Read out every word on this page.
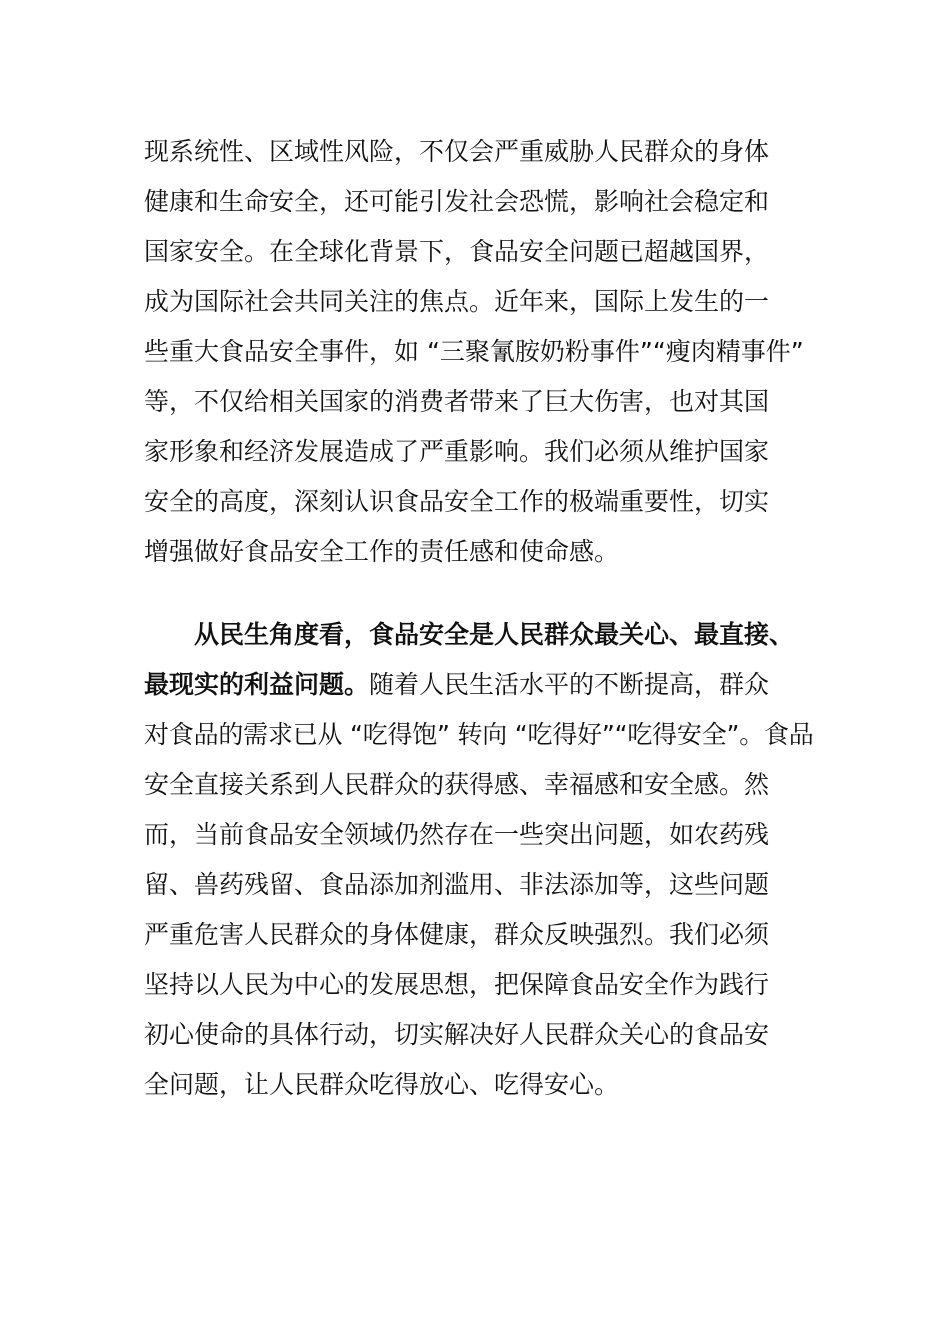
现系统性、区域性风险，不仅会严重威胁人民群众的身体
健康和生命安全，还可能引发社会恐慌，影响社会稳定和
国家安全。在全球化背景下，食品安全问题已超越国界，
成为国际社会共同关注的焦点。近年来，国际上发生的一
些重大食品安全事件，如 “三聚氰胺奶粉事件”“瘦肉精事件”
等，不仅给相关国家的消费者带来了巨大伤害，也对其国
家形象和经济发展造成了严重影响。我们必须从维护国家
安全的高度，深刻认识食品安全工作的极端重要性，切实
增强做好食品安全工作的责任感和使命感。
　　从民生角度看，食品安全是人民群众最关心、最直接、
最现实的利益问题。随着人民生活水平的不断提高，群众
对食品的需求已从 “吃得饱” 转向 “吃得好”“吃得安全”。食品
安全直接关系到人民群众的获得感、幸福感和安全感。然
而，当前食品安全领域仍然存在一些突出问题，如农药残
留、兽药残留、食品添加剂滥用、非法添加等，这些问题
严重危害人民群众的身体健康，群众反映强烈。我们必须
坚持以人民为中心的发展思想，把保障食品安全作为践行
初心使命的具体行动，切实解决好人民群众关心的食品安
全问题，让人民群众吃得放心、吃得安心。
